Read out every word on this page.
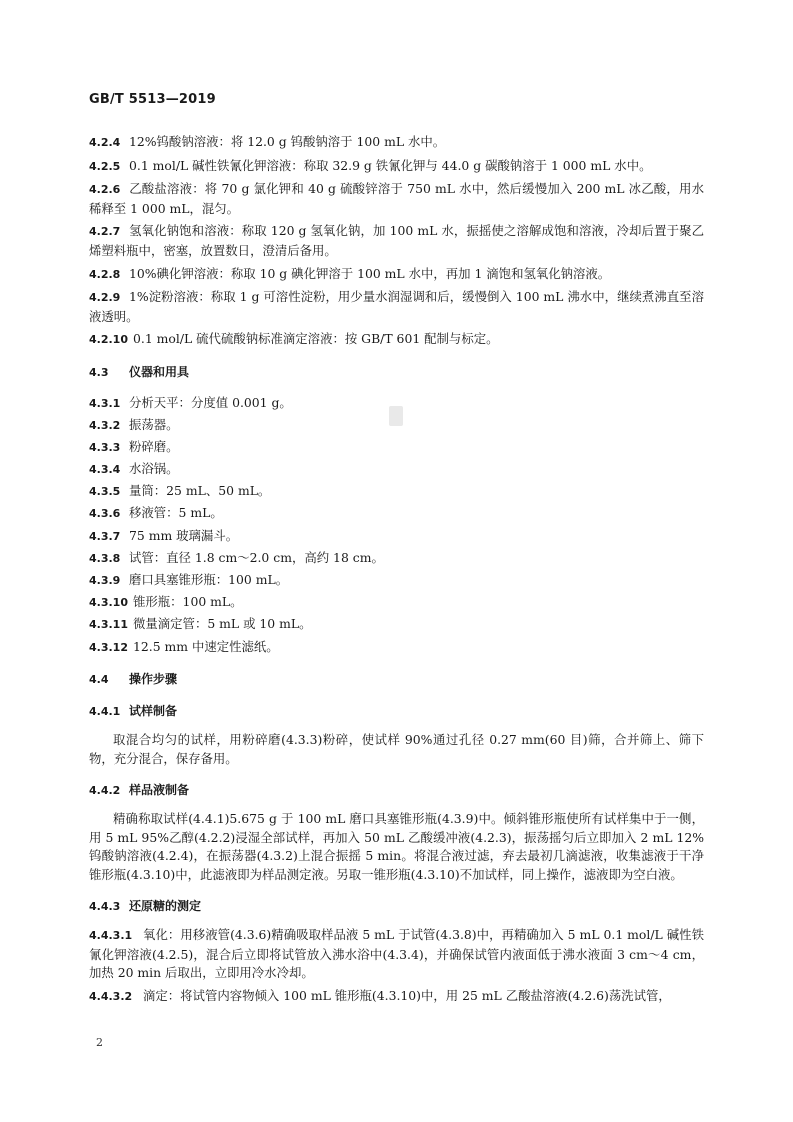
GB/T 5513—2019

4.2.4 12%钨酸钠溶液：将 12.0 g 钨酸钠溶于 100 mL 水中。

4.2.5 0.1 mol/L 碱性铁氰化钾溶液：称取 32.9 g 铁氰化钾与 44.0 g 碳酸钠溶于 1 000 mL 水中。

4.2.6 乙酸盐溶液：将 70 g 氯化钾和 40 g 硫酸锌溶于 750 mL 水中，然后缓慢加入 200 mL 冰乙酸，用水稀释至 1 000 mL，混匀。

4.2.7 氢氧化钠饱和溶液：称取 120 g 氢氧化钠，加 100 mL 水，振摇使之溶解成饱和溶液，冷却后置于聚乙烯塑料瓶中，密塞，放置数日，澄清后备用。

4.2.8 10%碘化钾溶液：称取 10 g 碘化钾溶于 100 mL 水中，再加 1 滴饱和氢氧化钠溶液。

4.2.9 1%淀粉溶液：称取 1 g 可溶性淀粉，用少量水润湿调和后，缓慢倒入 100 mL 沸水中，继续煮沸直至溶液透明。

4.2.10 0.1 mol/L 硫代硫酸钠标准滴定溶液：按 GB/T 601 配制与标定。

4.3 仪器和用具

4.3.1 分析天平：分度值 0.001 g。

4.3.2 振荡器。

4.3.3 粉碎磨。

4.3.4 水浴锅。

4.3.5 量筒：25 mL、50 mL。

4.3.6 移液管：5 mL。

4.3.7 75 mm 玻璃漏斗。

4.3.8 试管：直径 1.8 cm～2.0 cm，高约 18 cm。

4.3.9 磨口具塞锥形瓶：100 mL。

4.3.10 锥形瓶：100 mL。

4.3.11 微量滴定管：5 mL 或 10 mL。

4.3.12 12.5 mm 中速定性滤纸。

4.4 操作步骤
4.4.1 试样制备

取混合均匀的试样，用粉碎磨(4.3.3)粉碎，使试样 90%通过孔径 0.27 mm(60 目)筛，合并筛上、筛下物，充分混合，保存备用。

4.4.2 样品液制备

精确称取试样(4.4.1)5.675 g 于 100 mL 磨口具塞锥形瓶(4.3.9)中。倾斜锥形瓶使所有试样集中于一侧，用 5 mL 95%乙醇(4.2.2)浸湿全部试样，再加入 50 mL 乙酸缓冲液(4.2.3)，振荡摇匀后立即加入 2 mL 12%钨酸钠溶液(4.2.4)，在振荡器(4.3.2)上混合振摇 5 min。将混合液过滤，弃去最初几滴滤液，收集滤液于干净锥形瓶(4.3.10)中，此滤液即为样品测定液。另取一锥形瓶(4.3.10)不加试样，同上操作，滤液即为空白液。

4.4.3 还原糖的测定

4.4.3.1 氧化：用移液管(4.3.6)精确吸取样品液 5 mL 于试管(4.3.8)中，再精确加入 5 mL 0.1 mol/L 碱性铁氰化钾溶液(4.2.5)，混合后立即将试管放入沸水浴中(4.3.4)，并确保试管内液面低于沸水液面 3 cm～4 cm，加热 20 min 后取出，立即用冷水冷却。

4.4.3.2 滴定：将试管内容物倾入 100 mL 锥形瓶(4.3.10)中，用 25 mL 乙酸盐溶液(4.2.6)荡洗试管，

2
